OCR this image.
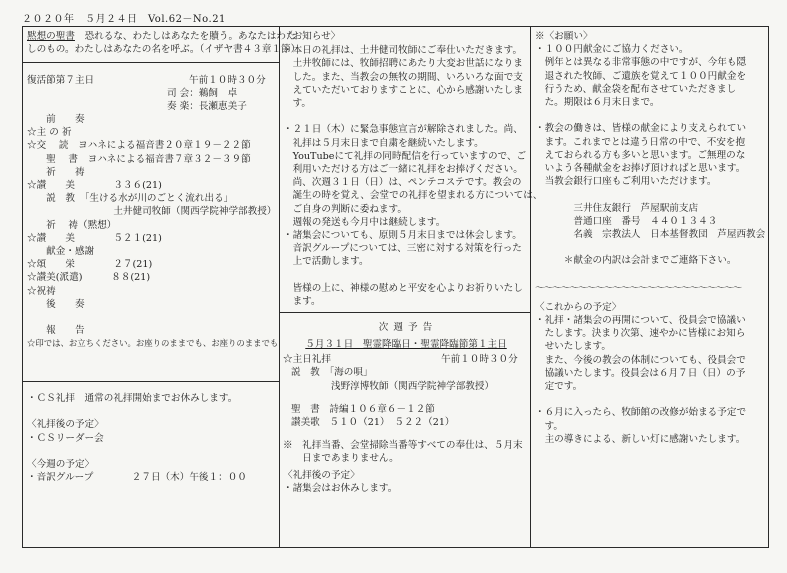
２０２０年　５月２４日　Vol.62－No.21
黙想の聖書　 恐れるな、わたしはあなたを贖う。あなたはわた
しのもの。わたしはあなたの名を呼ぶ。（イザヤ書４３章１節）
復活節第７主日	午前１０時３０分
司 会：鵜飼　卓
奏 楽：長瀬恵美子
　　前　　奏
☆主 の 祈
☆交　 読　ヨハネによる福音書２０章１９－２２節
　　聖　 書　ヨハネによる福音書７章３２－３９節
　　祈　　祷
☆讃　　美　　　　３３６(21)
　　説　教　「生ける水が川のごとく流れ出る」
　　　　　　　　　土井健司牧師（関西学院神学部教授）
　　祈　 祷（黙想）
☆讃　　美　　　　５２１(21)
　　献金・感謝
☆頌　　栄　　　　２７(21)
☆讃美(派遣)　　　８８(21)
☆祝祷
　　後　　奏
　　報　　告
☆印では、お立ちください。お座りのままでも、お座りのままでも
・ＣＳ礼拝　通常の礼拝開始までお休みします。
〈礼拝後の予定〉
・ＣＳリーダー会
〈今週の予定〉
・音訳グループ　　　　２７日（木）午後１：００
〈お知らせ〉
・本日の礼拝は、土井健司牧師にご奉仕いただきます。
　土井牧師には、牧師招聘にあたり大変お世話になりま
　した。また、当教会の無牧の期間、いろいろな面で支
　えていただいておりますことに、心から感謝いたしま
　す。
・２１日（木）に緊急事態宣言が解除されました。尚、
　礼拝は５月末日まで自粛を継続いたします。
　YouTubeにて礼拝の同時配信を行っていますので、ご
　利用いただける方はご一緒に礼拝をお捧げください。
　尚、次週３１日（日）は、ペンテコステです。教会の
　誕生の時を覚え、会堂での礼拝を望まれる方については、
　ご自身の判断に委ねます。
　週報の発送も今月中は継続します。
・諸集会についても、原則５月末日までは休会します。
　音訳グループについては、三密に対する対策を行った
　上で活動します。
　皆様の上に、神様の慰めと平安を心よりお祈りいたし
　ます。
次 週 予 告
５月３１日　聖霊降臨日・聖霊降臨節第１主日
☆主日礼拝	午前１０時３０分
説　教　「海の唄」
浅野淳博牧師（関西学院神学部教授）
聖　書　詩編１０６章６－１２節
讃美歌　５１０（21）　５２２（21）
※　礼拝当番、会堂掃除当番等すべての奉仕は、５月末
　　日まであまりません。
〈礼拝後の予定〉
・諸集会はお休みします。
※〈お願い〉
・１００円献金にご協力ください。
　例年とは異なる非常事態の中ですが、今年も隠
　退された牧師、ご遺族を覚えて１００円献金を
　行うため、献金袋を配布させていただきまし
　た。期限は６月末日まで。
・教会の働きは、皆様の献金により支えられてい
　ます。これまでとは違う日常の中で、不安を抱
　えておられる方も多いと思います。ご無理のな
　いよう各種献金をお捧げ頂ければと思います。
　当教会銀行口座もご利用いただけます。
　　　　三井住友銀行　芦屋駅前支店
　　　　普通口座　番号　４４０１３４３
　　　　名義　宗教法人　日本基督教団　芦屋西教会
　　　＊献金の内訳は会計までご連絡下さい。
～～～～～～～～～～～～～～～～～～～～～～～～
〈これからの予定〉
・礼拝・諸集会の再開について、役員会で協議い
　たします。決まり次第、速やかに皆様にお知ら
　せいたします。
　また、今後の教会の体制についても、役員会で
　協議いたします。役員会は６月７日（日）の予
　定です。
・６月に入ったら、牧師館の改修が始まる予定で
　す。
　主の導きによる、新しい灯に感謝いたします。
